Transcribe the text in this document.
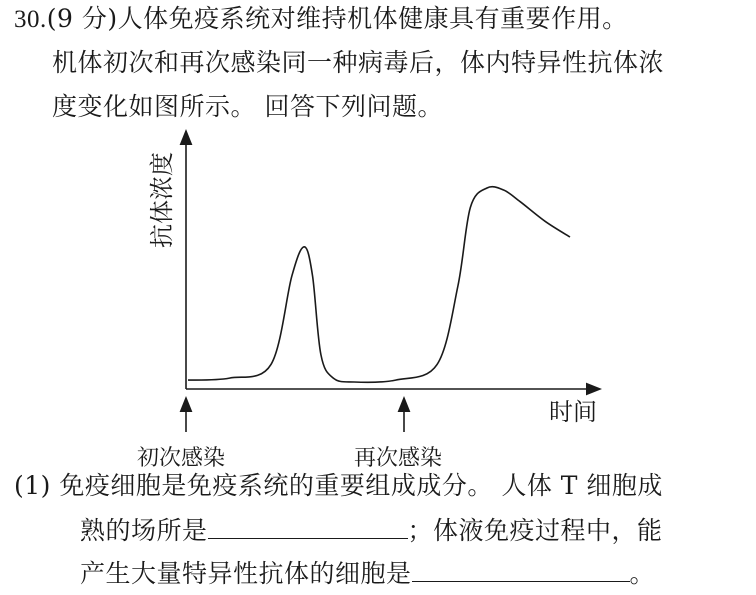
30.(9 分)人体免疫系统对维持机体健康具有重要作用。
机体初次和再次感染同一种病毒后，体内特异性抗体浓
度变化如图所示。 回答下列问题。
抗体浓度
时间
初次感染	再次感染
(1) 免疫细胞是免疫系统的重要组成成分。 人体 T 细胞成
熟的场所是	；体液免疫过程中，能
产生大量特异性抗体的细胞是	。
